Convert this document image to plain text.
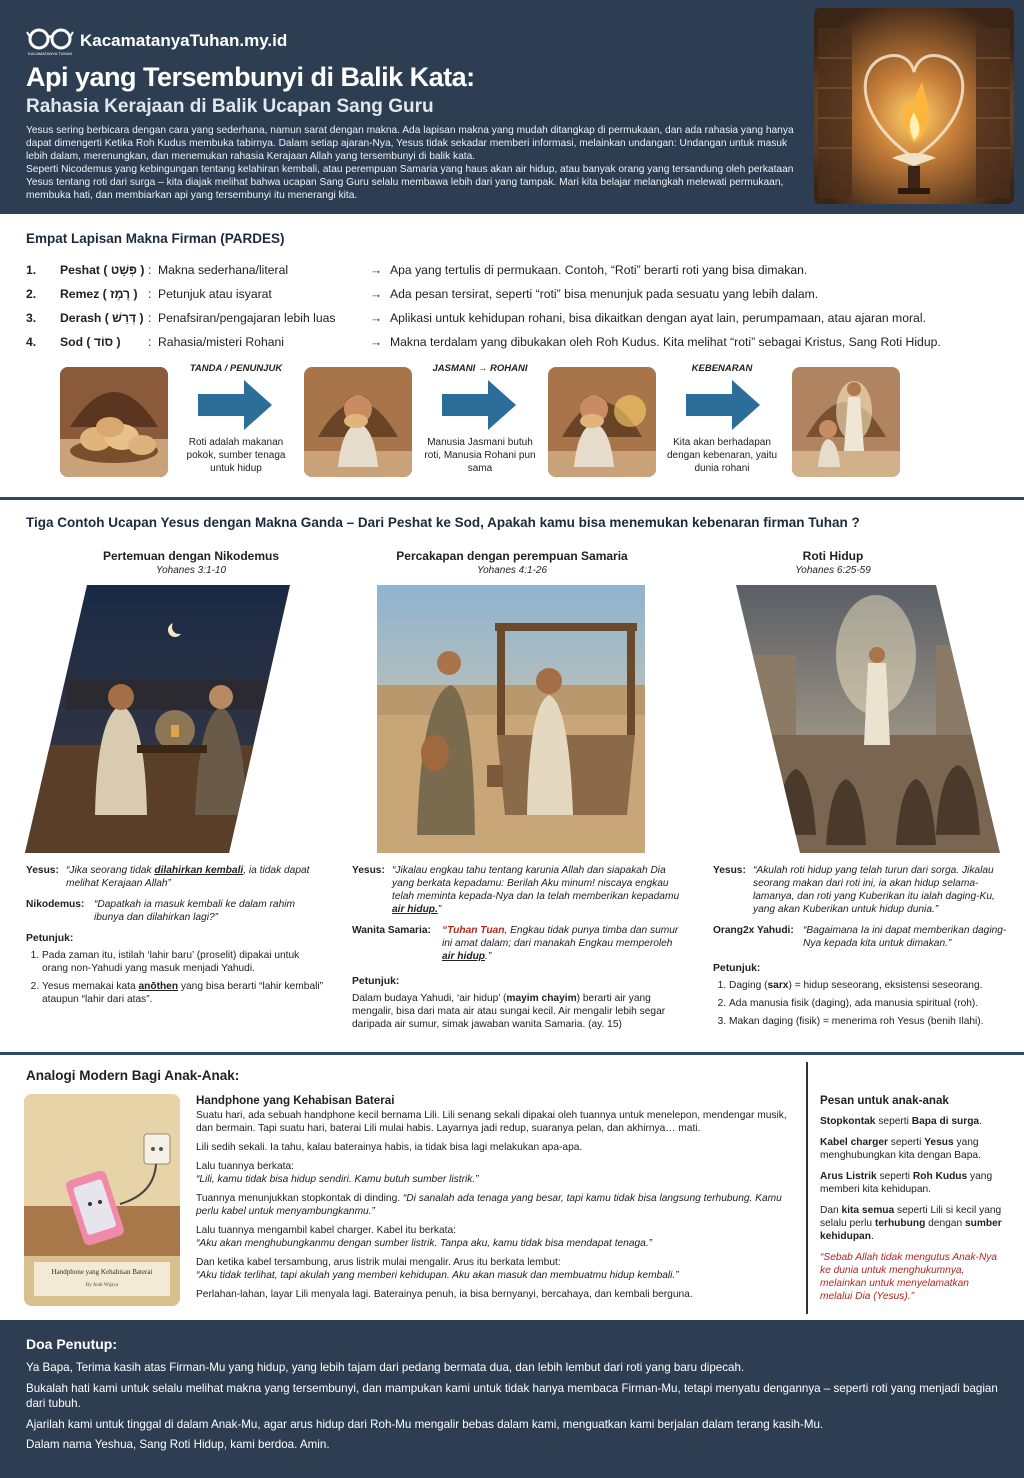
KACAMATANYA TUHAN
KacamatanyaTuhan.my.id
Api yang Tersembunyi di Balik Kata:
Rahasia Kerajaan di Balik Ucapan Sang Guru

Yesus sering berbicara dengan cara yang sederhana, namun sarat dengan makna. Ada lapisan makna yang mudah ditangkap di permukaan, dan ada rahasia yang hanya dapat dimengerti Ketika Roh Kudus membuka tabirnya. Dalam setiap ajaran-Nya, Yesus tidak sekadar memberi informasi, melainkan undangan: Undangan untuk masuk lebih dalam, merenungkan, dan menemukan rahasia Kerajaan Allah yang tersembunyi di balik kata.

Seperti Nicodemus yang kebingungan tentang kelahiran kembali, atau perempuan Samaria yang haus akan air hidup, atau banyak orang yang tersandung oleh perkataan Yesus tentang roti dari surga – kita diajak melihat bahwa ucapan Sang Guru selalu membawa lebih dari yang tampak. Mari kita belajar melangkah melewati permukaan, membuka hati, dan membiarkan api yang tersembunyi itu menerangi kita.

Empat Lapisan Makna Firman (PARDES)
1.	Peshat ( פְּשָׁט ) : Makna sederhana/literal	→ Apa yang tertulis di permukaan. Contoh, “Roti” berarti roti yang bisa dimakan.
2.	Remez ( רֶמֶז ) : Petunjuk atau isyarat	→ Ada pesan tersirat, seperti “roti” bisa menunjuk pada sesuatu yang lebih dalam.
3.	Derash ( דְּרַשׁ ) : Penafsiran/pengajaran lebih luas	→ Aplikasi untuk kehidupan rohani, bisa dikaitkan dengan ayat lain, perumpamaan, atau ajaran moral.
4.	Sod ( סוֹד )	: Rahasia/misteri Rohani	→ Makna terdalam yang dibukakan oleh Roh Kudus. Kita melihat “roti” sebagai Kristus, Sang Roti Hidup.
TANDA / PENUNJUK
Roti adalah makanan pokok, sumber tenaga untuk hidup
JASMANI → ROHANI
Manusia Jasmani butuh roti, Manusia Rohani pun sama
KEBENARAN
Kita akan berhadapan dengan kebenaran, yaitu dunia rohani
Tiga Contoh Ucapan Yesus dengan Makna Ganda – Dari Peshat ke Sod, Apakah kamu bisa menemukan kebenaran firman Tuhan ?
Pertemuan dengan Nikodemus
Yohanes 3:1-10
Percakapan dengan perempuan Samaria
Yohanes 4:1-26
Roti Hidup
Yohanes 6:25-59
Yesus: “Jika seorang tidak dilahirkan kembali, ia tidak dapat melihat Kerajaan Allah”
Nikodemus: “Dapatkah ia masuk kembali ke dalam rahim ibunya dan dilahirkan lagi?”
Petunjuk:
1. Pada zaman itu, istilah ‘lahir baru’ (proselit) dipakai untuk orang non-Yahudi yang masuk menjadi Yahudi.
2. Yesus memakai kata anōthen yang bisa berarti “lahir kembali” ataupun “lahir dari atas”.
Yesus: “Jikalau engkau tahu tentang karunia Allah dan siapakah Dia yang berkata kepadamu: Berilah Aku minum! niscaya engkau telah meminta kepada-Nya dan Ia telah memberikan kepadamu air hidup.”
Wanita Samaria:	“Tuhan Tuan, Engkau tidak punya timba dan sumur ini amat dalam; dari manakah Engkau memperoleh air hidup.”
Petunjuk:

Dalam budaya Yahudi, ‘air hidup’ (mayim chayim) berarti air yang mengalir, bisa dari mata air atau sungai kecil. Air mengalir lebih segar daripada air sumur, simak jawaban wanita Samaria. (ay. 15)

Yesus: “Akulah roti hidup yang telah turun dari sorga. Jikalau seorang makan dari roti ini, ia akan hidup selama-lamanya, dan roti yang Kuberikan itu ialah daging-Ku, yang akan Kuberikan untuk hidup dunia.”
Orang2x Yahudi: “Bagaimana Ia ini dapat memberikan daging-Nya kepada kita untuk dimakan.”
Petunjuk:
1. Daging (sarx) = hidup seseorang, eksistensi seseorang.
2. Ada manusia fisik (daging), ada manusia spiritual (roh).
3. Makan daging (fisik) = menerima roh Yesus (benih Ilahi).
Analogi Modern Bagi Anak-Anak:
Handphone yang Kehabisan Baterai
By Andi Wijaya
Handphone yang Kehabisan Baterai

Suatu hari, ada sebuah handphone kecil bernama Lili. Lili senang sekali dipakai oleh tuannya untuk menelepon, mendengar musik, dan bermain. Tapi suatu hari, baterai Lili mulai habis. Layarnya jadi redup, suaranya pelan, dan akhirnya… mati.

Lili sedih sekali. Ia tahu, kalau baterainya habis, ia tidak bisa lagi melakukan apa-apa.

Lalu tuannya berkata:
“Lili, kamu tidak bisa hidup sendiri. Kamu butuh sumber listrik.”

Tuannya menunjukkan stopkontak di dinding. “Di sanalah ada tenaga yang besar, tapi kamu tidak bisa langsung terhubung. Kamu perlu kabel untuk menyambungkanmu.”

Lalu tuannya mengambil kabel charger. Kabel itu berkata:
“Aku akan menghubungkanmu dengan sumber listrik. Tanpa aku, kamu tidak bisa mendapat tenaga.”

Dan ketika kabel tersambung, arus listrik mulai mengalir. Arus itu berkata lembut:
“Aku tidak terlihat, tapi akulah yang memberi kehidupan. Aku akan masuk dan membuatmu hidup kembali.”

Perlahan-lahan, layar Lili menyala lagi. Baterainya penuh, ia bisa bernyanyi, bercahaya, dan kembali berguna.

Pesan untuk anak-anak

Stopkontak seperti Bapa di surga.

Kabel charger seperti Yesus yang menghubungkan kita dengan Bapa.

Arus Listrik seperti Roh Kudus yang memberi kita kehidupan.

Dan kita semua seperti Lili si kecil yang selalu perlu terhubung dengan sumber kehidupan.

“Sebab Allah tidak mengutus Anak-Nya ke dunia untuk menghukumnya, melainkan untuk menyelamatkan melalui Dia (Yesus).”

Doa Penutup:

Ya Bapa, Terima kasih atas Firman-Mu yang hidup, yang lebih tajam dari pedang bermata dua, dan lebih lembut dari roti yang baru dipecah.

Bukalah hati kami untuk selalu melihat makna yang tersembunyi, dan mampukan kami untuk tidak hanya membaca Firman-Mu, tetapi menyatu dengannya – seperti roti yang menjadi bagian dari tubuh.

Ajarilah kami untuk tinggal di dalam Anak-Mu, agar arus hidup dari Roh-Mu mengalir bebas dalam kami, menguatkan kami berjalan dalam terang kasih-Mu.

Dalam nama Yeshua, Sang Roti Hidup, kami berdoa. Amin.
